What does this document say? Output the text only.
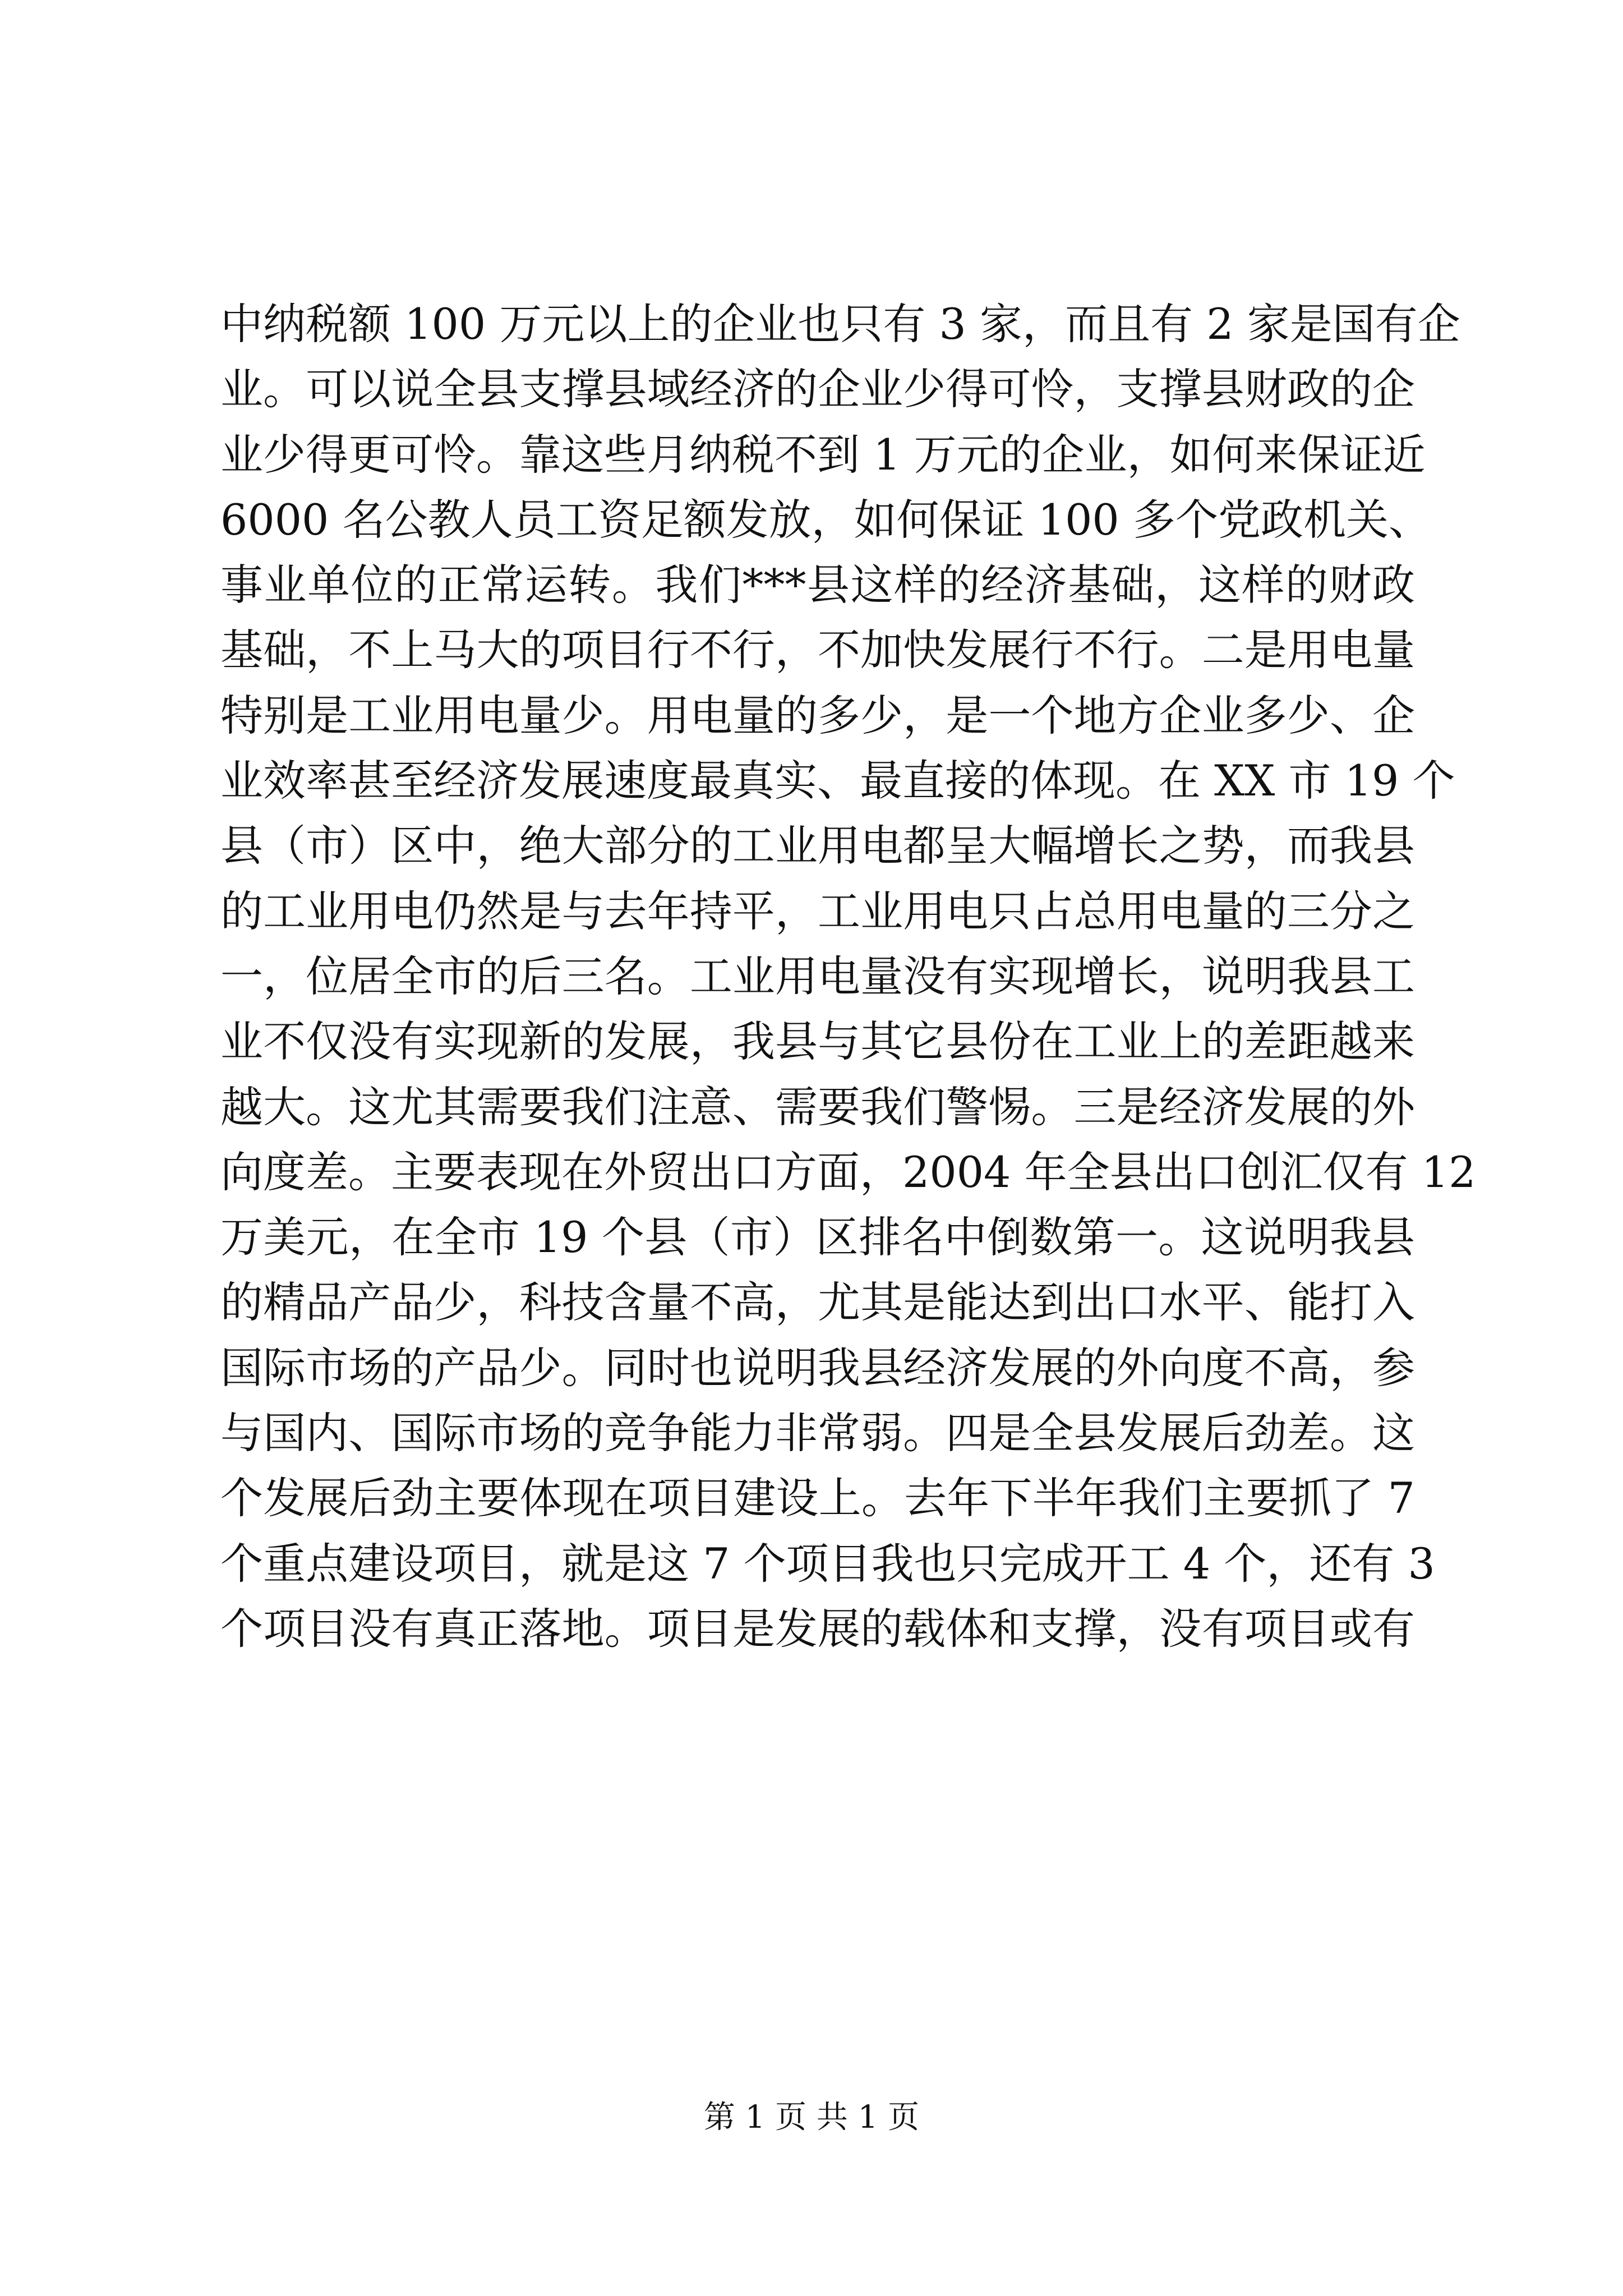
中纳税额 100 万元以上的企业也只有 3 家，而且有 2 家是国有企
业。可以说全县支撑县域经济的企业少得可怜，支撑县财政的企
业少得更可怜。靠这些月纳税不到 1 万元的企业，如何来保证近
6000 名公教人员工资足额发放，如何保证 100 多个党政机关、
事业单位的正常运转。我们***县这样的经济基础，这样的财政
基础，不上马大的项目行不行，不加快发展行不行。二是用电量
特别是工业用电量少。用电量的多少，是一个地方企业多少、企
业效率甚至经济发展速度最真实、最直接的体现。在 XX 市 19 个
县（市）区中，绝大部分的工业用电都呈大幅增长之势，而我县
的工业用电仍然是与去年持平，工业用电只占总用电量的三分之
一，位居全市的后三名。工业用电量没有实现增长，说明我县工
业不仅没有实现新的发展，我县与其它县份在工业上的差距越来
越大。这尤其需要我们注意、需要我们警惕。三是经济发展的外
向度差。主要表现在外贸出口方面，2004 年全县出口创汇仅有 12
万美元，在全市 19 个县（市）区排名中倒数第一。这说明我县
的精品产品少，科技含量不高，尤其是能达到出口水平、能打入
国际市场的产品少。同时也说明我县经济发展的外向度不高，参
与国内、国际市场的竞争能力非常弱。四是全县发展后劲差。这
个发展后劲主要体现在项目建设上。去年下半年我们主要抓了 7
个重点建设项目，就是这 7 个项目我也只完成开工 4 个，还有 3
个项目没有真正落地。项目是发展的载体和支撑，没有项目或有
第 1 页 共 1 页
